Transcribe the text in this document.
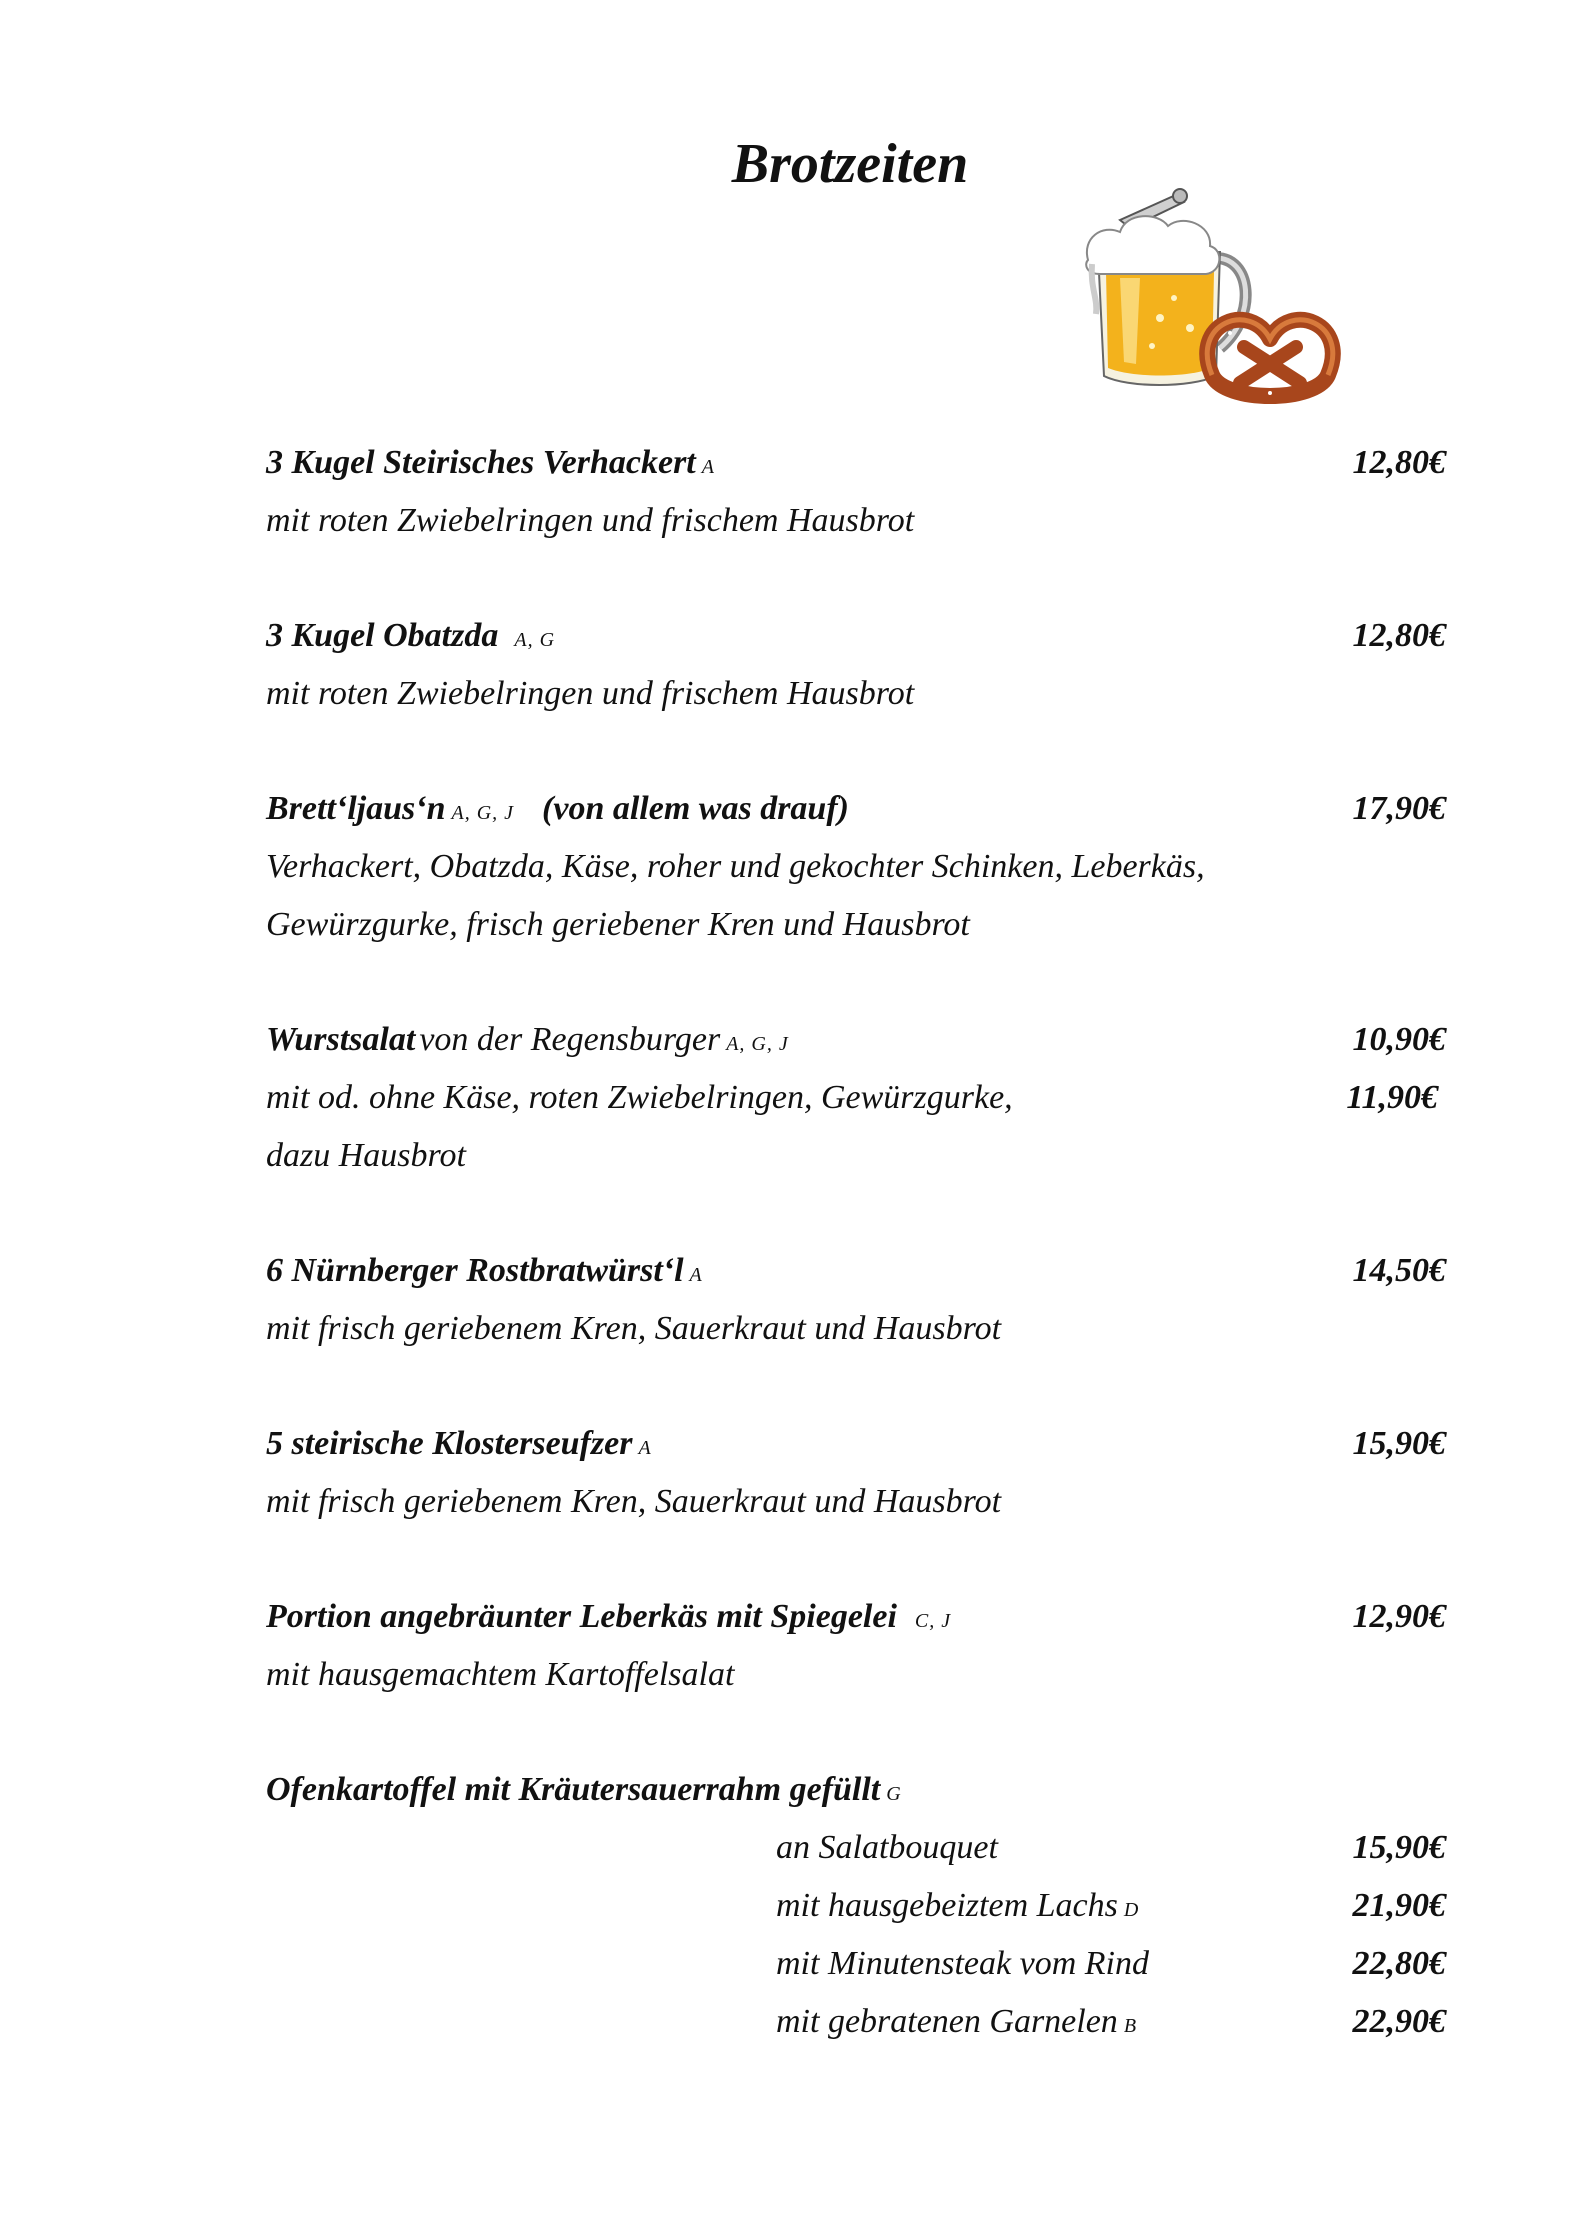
Brotzeiten
3 Kugel Steirisches Verhackert A	12,80€
mit roten Zwiebelringen und frischem Hausbrot
3 Kugel Obatzda A, G	12,80€
mit roten Zwiebelringen und frischem Hausbrot
Brett‘ljaus‘n A, G, J (von allem was drauf)	17,90€
Verhackert, Obatzda, Käse, roher und gekochter Schinken, Leberkäs,
Gewürzgurke, frisch geriebener Kren und Hausbrot
Wurstsalat von der Regensburger A, G, J	10,90€
mit od. ohne Käse, roten Zwiebelringen, Gewürzgurke,	11,90€
dazu Hausbrot
6 Nürnberger Rostbratwürst‘l A	14,50€
mit frisch geriebenem Kren, Sauerkraut und Hausbrot
5 steirische Klosterseufzer A	15,90€
mit frisch geriebenem Kren, Sauerkraut und Hausbrot
Portion angebräunter Leberkäs mit Spiegelei C, J	12,90€
mit hausgemachtem Kartoffelsalat
Ofenkartoffel mit Kräutersauerrahm gefüllt G
an Salatbouquet	15,90€
mit hausgebeiztem Lachs D	21,90€
mit Minutensteak vom Rind	22,80€
mit gebratenen Garnelen B	22,90€
